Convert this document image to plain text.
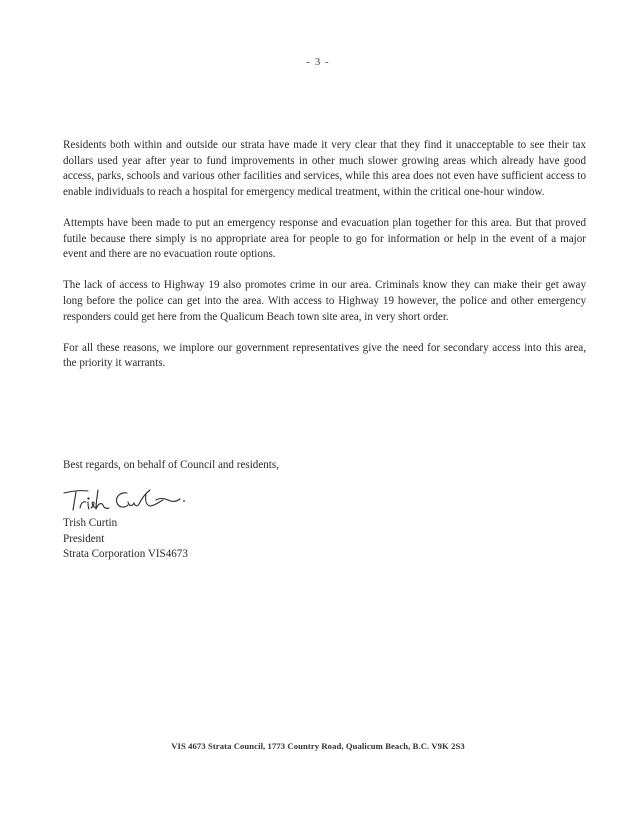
- 3 -

Residents both within and outside our strata have made it very clear that they find it unacceptable to see their tax dollars used year after year to fund improvements in other much slower growing areas which already have good access, parks, schools and various other facilities and services, while this area does not even have sufficient access to enable individuals to reach a hospital for emergency medical treatment, within the critical one-hour window.

Attempts have been made to put an emergency response and evacuation plan together for this area. But that proved futile because there simply is no appropriate area for people to go for information or help in the event of a major event and there are no evacuation route options.

The lack of access to Highway 19 also promotes crime in our area. Criminals know they can make their get away long before the police can get into the area. With access to Highway 19 however, the police and other emergency responders could get here from the Qualicum Beach town site area, in very short order.

For all these reasons, we implore our government representatives give the need for secondary access into this area, the priority it warrants.

Best regards, on behalf of Council and residents,
Trish Curtin
President
Strata Corporation VIS4673
VIS 4673 Strata Council, 1773 Country Road, Qualicum Beach, B.C. V9K 2S3
